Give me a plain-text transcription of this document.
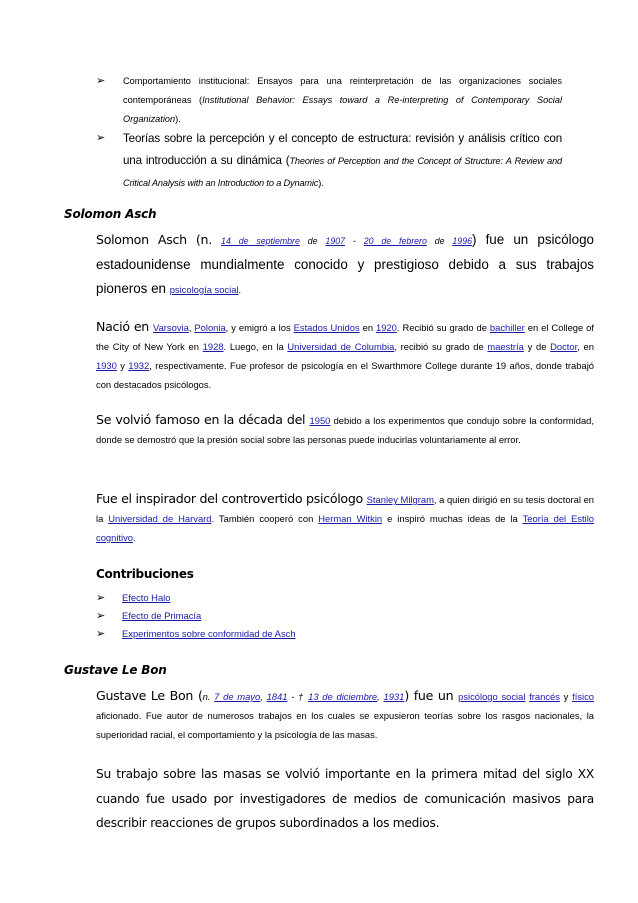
➢ Comportamiento institucional: Ensayos para una reinterpretación de las organizaciones sociales contemporáneas (Institutional Behavior: Essays toward a Re-interpreting of Contemporary Social Organization).
➢ Teorías sobre la percepción y el concepto de estructura: revisión y análisis crítico con una introducción a su dinámica (Theories of Perception and the Concept of Structure: A Review and Critical Analysis with an Introduction to a Dynamic).
Solomon Asch

Solomon Asch (n. 14 de septiembre de 1907 - 20 de febrero de 1996) fue un psicólogo estadounidense mundialmente conocido y prestigioso debido a sus trabajos pioneros en psicología social.

Nació en Varsovia, Polonia, y emigró a los Estados Unidos en 1920. Recibió su grado de bachiller en el College of the City of New York en 1928. Luego, en la Universidad de Columbia, recibió su grado de maestría y de Doctor, en 1930 y 1932, respectivamente. Fue profesor de psicología en el Swarthmore College durante 19 años, donde trabajó con destacados psicólogos.

Se volvió famoso en la década del 1950 debido a los experimentos que condujo sobre la conformidad, donde se demostró que la presión social sobre las personas puede inducirlas voluntariamente al error.

Fue el inspirador del controvertido psicólogo Stanley Milgram, a quien dirigió en su tesis doctoral en la Universidad de Harvard. También cooperó con Herman Witkin e inspiró muchas ideas de la Teoría del Estilo cognitivo.

Contribuciones
➢ Efecto Halo
➢ Efecto de Primacía
➢ Experimentos sobre conformidad de Asch
Gustave Le Bon

Gustave Le Bon (n. 7 de mayo, 1841 - † 13 de diciembre, 1931) fue un psicólogo social francés y físico aficionado. Fue autor de numerosos trabajos en los cuales se expusieron teorías sobre los rasgos nacionales, la superioridad racial, el comportamiento y la psicología de las masas.

Su trabajo sobre las masas se volvió importante en la primera mitad del siglo XX cuando fue usado por investigadores de medios de comunicación masivos para describir reacciones de grupos subordinados a los medios.
